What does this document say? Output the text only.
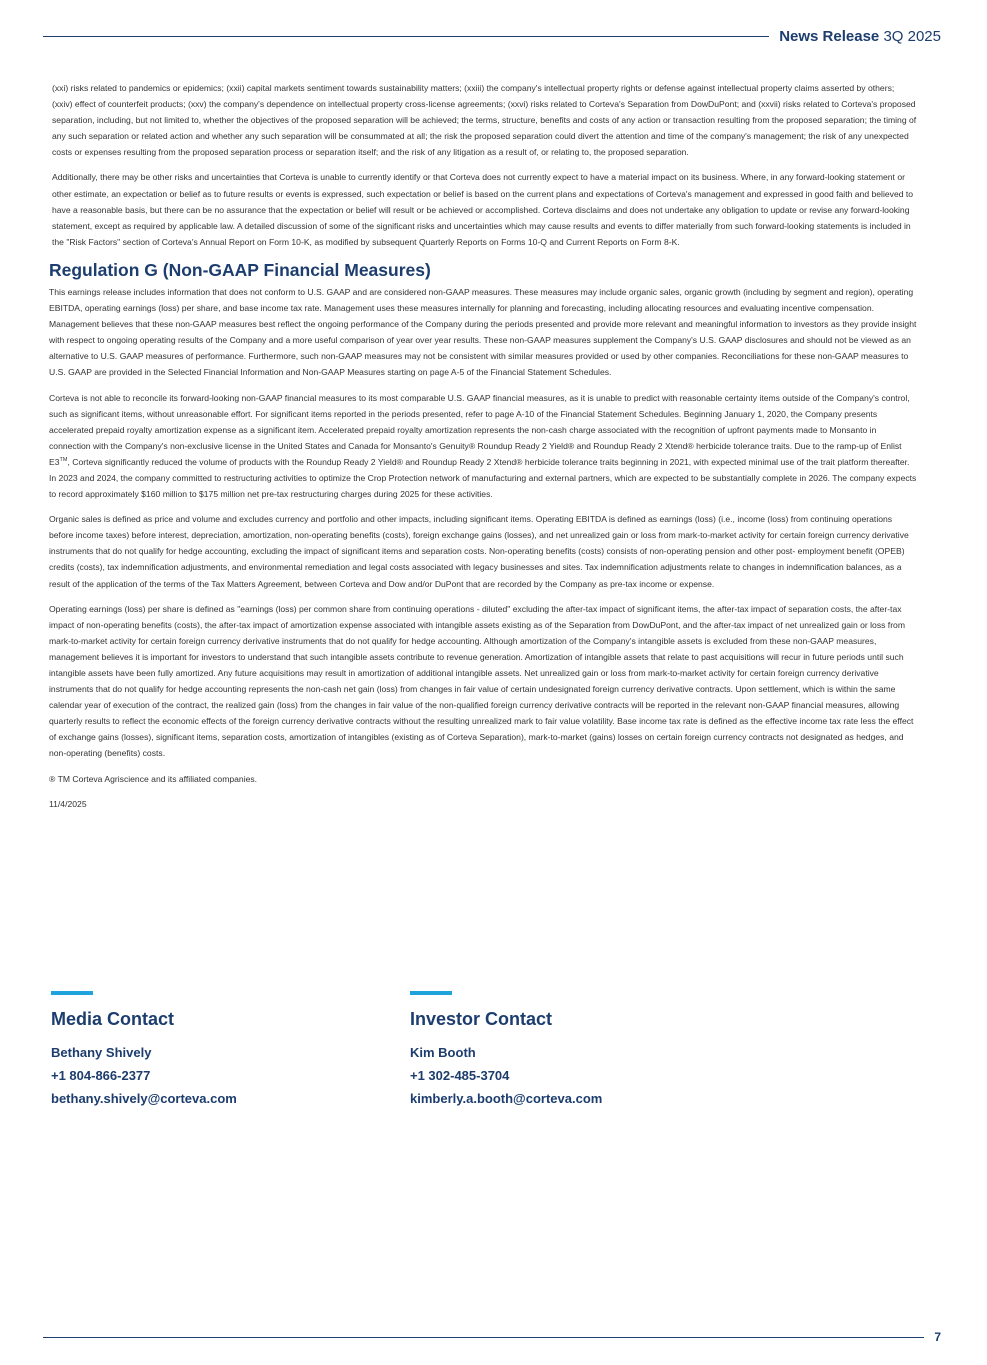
News Release 3Q 2025

(xxi) risks related to pandemics or epidemics; (xxii) capital markets sentiment towards sustainability matters; (xxiii) the company's intellectual property rights or defense against intellectual property claims asserted by others; (xxiv) effect of counterfeit products; (xxv) the company's dependence on intellectual property cross-license agreements; (xxvi) risks related to Corteva's Separation from DowDuPont; and (xxvii) risks related to Corteva's proposed separation, including, but not limited to, whether the objectives of the proposed separation will be achieved; the terms, structure, benefits and costs of any action or transaction resulting from the proposed separation; the timing of any such separation or related action and whether any such separation will be consummated at all; the risk the proposed separation could divert the attention and time of the company's management; the risk of any unexpected costs or expenses resulting from the proposed separation process or separation itself; and the risk of any litigation as a result of, or relating to, the proposed separation.

Additionally, there may be other risks and uncertainties that Corteva is unable to currently identify or that Corteva does not currently expect to have a material impact on its business. Where, in any forward-looking statement or other estimate, an expectation or belief as to future results or events is expressed, such expectation or belief is based on the current plans and expectations of Corteva's management and expressed in good faith and believed to have a reasonable basis, but there can be no assurance that the expectation or belief will result or be achieved or accomplished. Corteva disclaims and does not undertake any obligation to update or revise any forward-looking statement, except as required by applicable law. A detailed discussion of some of the significant risks and uncertainties which may cause results and events to differ materially from such forward-looking statements is included in the "Risk Factors" section of Corteva's Annual Report on Form 10-K, as modified by subsequent Quarterly Reports on Forms 10-Q and Current Reports on Form 8-K.

Regulation G (Non-GAAP Financial Measures)

This earnings release includes information that does not conform to U.S. GAAP and are considered non-GAAP measures. These measures may include organic sales, organic growth (including by segment and region), operating EBITDA, operating earnings (loss) per share, and base income tax rate. Management uses these measures internally for planning and forecasting, including allocating resources and evaluating incentive compensation. Management believes that these non-GAAP measures best reflect the ongoing performance of the Company during the periods presented and provide more relevant and meaningful information to investors as they provide insight with respect to ongoing operating results of the Company and a more useful comparison of year over year results. These non-GAAP measures supplement the Company's U.S. GAAP disclosures and should not be viewed as an alternative to U.S. GAAP measures of performance. Furthermore, such non-GAAP measures may not be consistent with similar measures provided or used by other companies. Reconciliations for these non-GAAP measures to U.S. GAAP are provided in the Selected Financial Information and Non-GAAP Measures starting on page A-5 of the Financial Statement Schedules.

Corteva is not able to reconcile its forward-looking non-GAAP financial measures to its most comparable U.S. GAAP financial measures, as it is unable to predict with reasonable certainty items outside of the Company's control, such as significant items, without unreasonable effort. For significant items reported in the periods presented, refer to page A-10 of the Financial Statement Schedules. Beginning January 1, 2020, the Company presents accelerated prepaid royalty amortization expense as a significant item. Accelerated prepaid royalty amortization represents the non-cash charge associated with the recognition of upfront payments made to Monsanto in connection with the Company's non-exclusive license in the United States and Canada for Monsanto's Genuity® Roundup Ready 2 Yield® and Roundup Ready 2 Xtend® herbicide tolerance traits. Due to the ramp-up of Enlist E3™, Corteva significantly reduced the volume of products with the Roundup Ready 2 Yield® and Roundup Ready 2 Xtend® herbicide tolerance traits beginning in 2021, with expected minimal use of the trait platform thereafter. In 2023 and 2024, the company committed to restructuring activities to optimize the Crop Protection network of manufacturing and external partners, which are expected to be substantially complete in 2026. The company expects to record approximately $160 million to $175 million net pre-tax restructuring charges during 2025 for these activities.

Organic sales is defined as price and volume and excludes currency and portfolio and other impacts, including significant items. Operating EBITDA is defined as earnings (loss) (i.e., income (loss) from continuing operations before income taxes) before interest, depreciation, amortization, non-operating benefits (costs), foreign exchange gains (losses), and net unrealized gain or loss from mark-to-market activity for certain foreign currency derivative instruments that do not qualify for hedge accounting, excluding the impact of significant items and separation costs. Non-operating benefits (costs) consists of non-operating pension and other post- employment benefit (OPEB) credits (costs), tax indemnification adjustments, and environmental remediation and legal costs associated with legacy businesses and sites. Tax indemnification adjustments relate to changes in indemnification balances, as a result of the application of the terms of the Tax Matters Agreement, between Corteva and Dow and/or DuPont that are recorded by the Company as pre-tax income or expense.

Operating earnings (loss) per share is defined as "earnings (loss) per common share from continuing operations - diluted" excluding the after-tax impact of significant items, the after-tax impact of separation costs, the after-tax impact of non-operating benefits (costs), the after-tax impact of amortization expense associated with intangible assets existing as of the Separation from DowDuPont, and the after-tax impact of net unrealized gain or loss from mark-to-market activity for certain foreign currency derivative instruments that do not qualify for hedge accounting. Although amortization of the Company's intangible assets is excluded from these non-GAAP measures, management believes it is important for investors to understand that such intangible assets contribute to revenue generation. Amortization of intangible assets that relate to past acquisitions will recur in future periods until such intangible assets have been fully amortized. Any future acquisitions may result in amortization of additional intangible assets. Net unrealized gain or loss from mark-to-market activity for certain foreign currency derivative instruments that do not qualify for hedge accounting represents the non-cash net gain (loss) from changes in fair value of certain undesignated foreign currency derivative contracts. Upon settlement, which is within the same calendar year of execution of the contract, the realized gain (loss) from the changes in fair value of the non-qualified foreign currency derivative contracts will be reported in the relevant non-GAAP financial measures, allowing quarterly results to reflect the economic effects of the foreign currency derivative contracts without the resulting unrealized mark to fair value volatility. Base income tax rate is defined as the effective income tax rate less the effect of exchange gains (losses), significant items, separation costs, amortization of intangibles (existing as of Corteva Separation), mark-to-market (gains) losses on certain foreign currency contracts not designated as hedges, and non-operating (benefits) costs.

® TM Corteva Agriscience and its affiliated companies.

11/4/2025

Media Contact
Bethany Shively
+1 804-866-2377
bethany.shively@corteva.com
Investor Contact
Kim Booth
+1 302-485-3704
kimberly.a.booth@corteva.com
7
